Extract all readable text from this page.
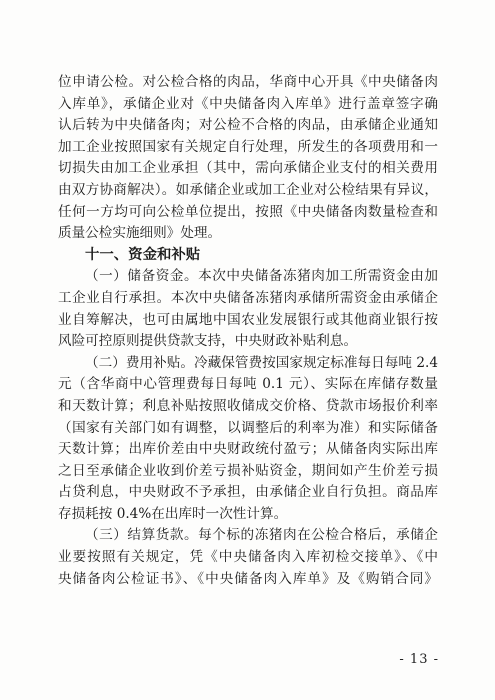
位申请公检。对公检合格的肉品，华商中心开具《中央储备肉
入库单》，承储企业对《中央储备肉入库单》进行盖章签字确
认后转为中央储备肉；对公检不合格的肉品，由承储企业通知
加工企业按照国家有关规定自行处理，所发生的各项费用和一
切损失由加工企业承担（其中，需向承储企业支付的相关费用
由双方协商解决）。如承储企业或加工企业对公检结果有异议，
任何一方均可向公检单位提出，按照《中央储备肉数量检查和
质量公检实施细则》处理。
十一、资金和补贴
（一）储备资金。本次中央储备冻猪肉加工所需资金由加
工企业自行承担。本次中央储备冻猪肉承储所需资金由承储企
业自筹解决，也可由属地中国农业发展银行或其他商业银行按
风险可控原则提供贷款支持，中央财政补贴利息。
（二）费用补贴。冷藏保管费按国家规定标准每日每吨 2.4
元（含华商中心管理费每日每吨 0.1 元）、实际在库储存数量
和天数计算；利息补贴按照收储成交价格、贷款市场报价利率
（国家有关部门如有调整，以调整后的利率为准）和实际储备
天数计算；出库价差由中央财政统付盈亏；从储备肉实际出库
之日至承储企业收到价差亏损补贴资金，期间如产生价差亏损
占贷利息，中央财政不予承担，由承储企业自行负担。商品库
存损耗按 0.4%在出库时一次性计算。
（三）结算货款。每个标的冻猪肉在公检合格后，承储企
业要按照有关规定，凭《中央储备肉入库初检交接单》、《中
央储备肉公检证书》、《中央储备肉入库单》及《购销合同》
- 13 -
